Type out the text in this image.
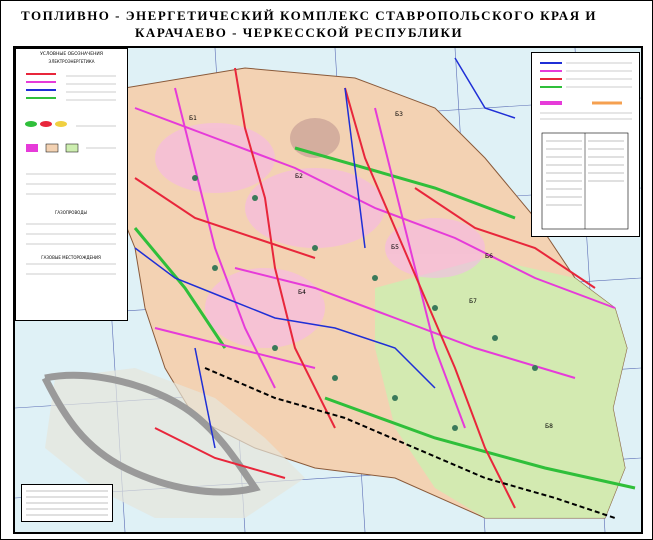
ТОПЛИВНО - ЭНЕРГЕТИЧЕСКИЙ КОМПЛЕКС СТАВРОПОЛЬСКОГО КРАЯ И
КАРАЧАЕВО - ЧЕРКЕССКОЙ РЕСПУБЛИКИ
Б1
Б2
Б3
Б4
Б5
Б6
Б7
Б8
УСЛОВНЫЕ ОБОЗНАЧЕНИЯ
ЭЛЕКТРОЭНЕРГЕТИКА
ГАЗОПРОВОДЫ
ГАЗОВЫЕ МЕСТОРОЖДЕНИЯ
